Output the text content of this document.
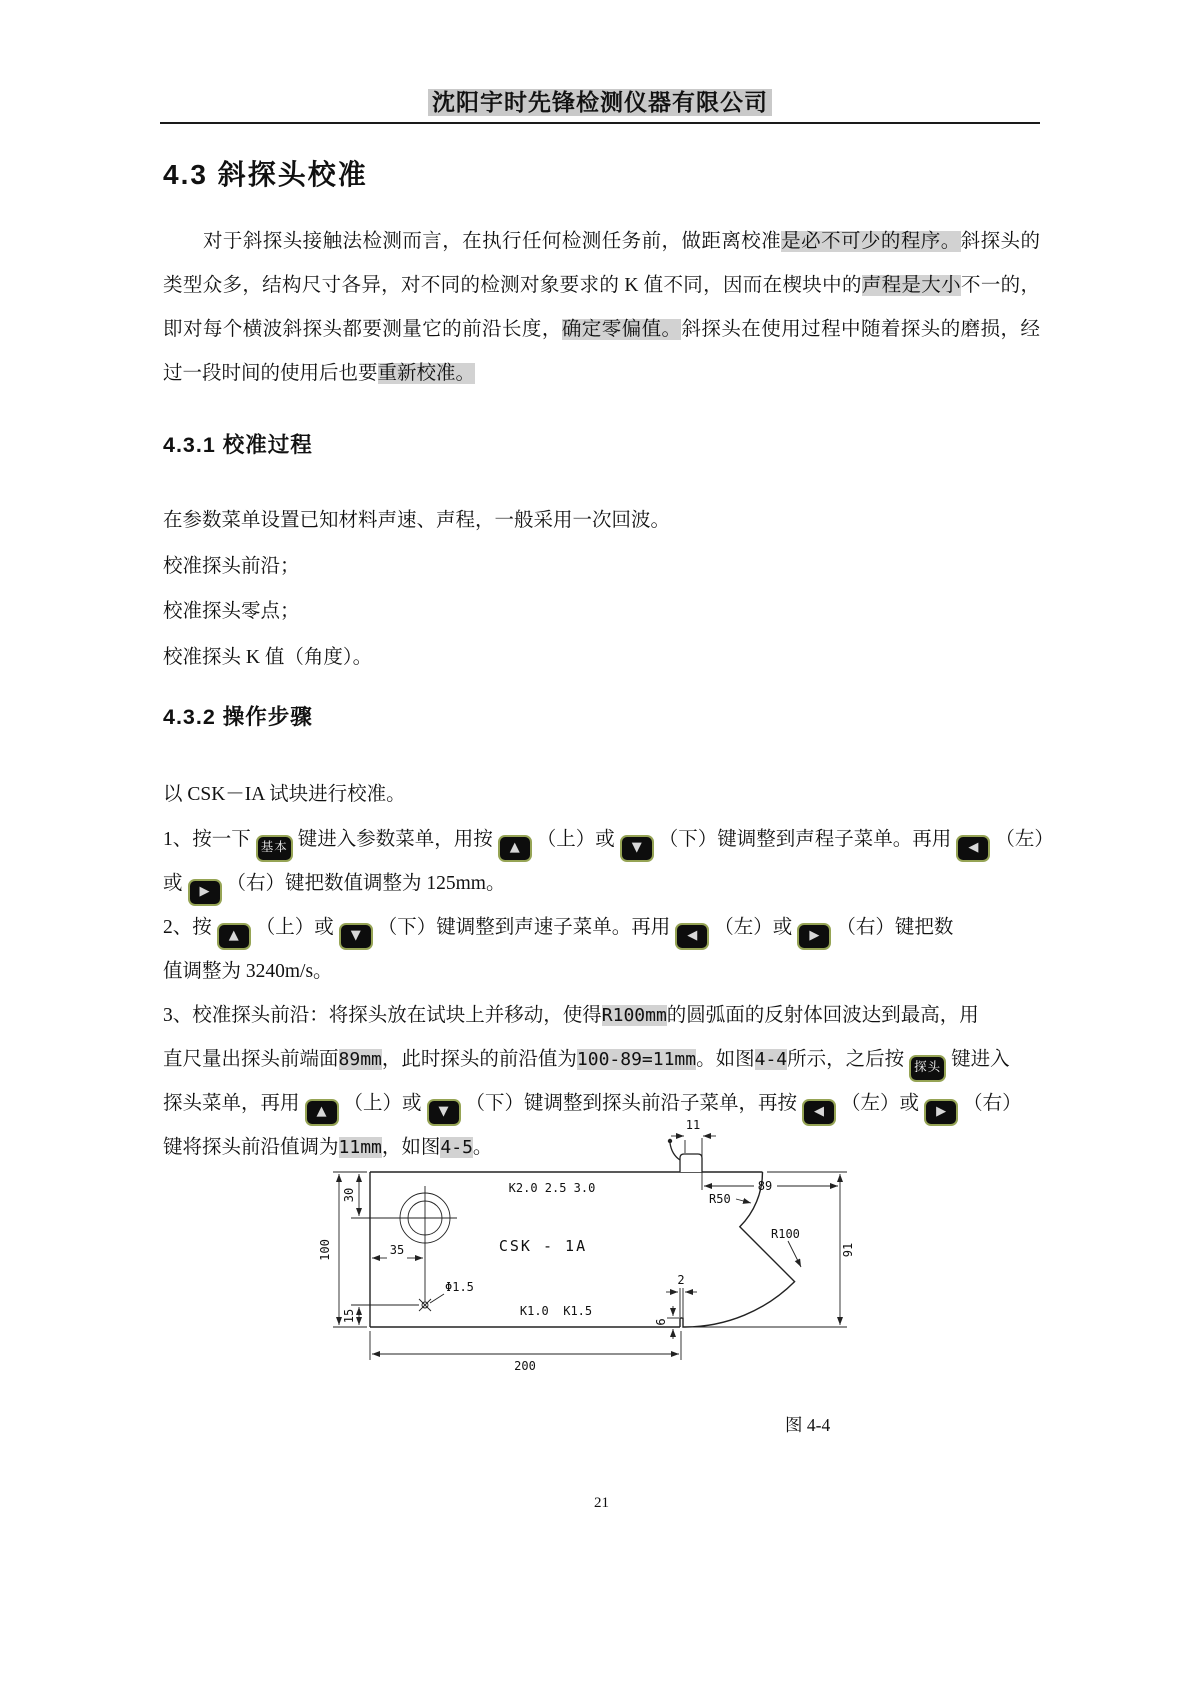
沈阳宇时先锋检测仪器有限公司
4.3 斜探头校准
对于斜探头接触法检测而言，在执行任何检测任务前，做距离校准是必不可少的程序。斜探头的类型众多，结构尺寸各异，对不同的检测对象要求的 K 值不同，因而在楔块中的声程是大小不一的，即对每个横波斜探头都要测量它的前沿长度，确定零偏值。斜探头在使用过程中随着探头的磨损，经过一段时间的使用后也要重新校准。
4.3.1 校准过程
在参数菜单设置已知材料声速、声程，一般采用一次回波。
校准探头前沿；
校准探头零点；
校准探头 K 值（角度）。
4.3.2 操作步骤
以 CSK－IA 试块进行校准。
1、按一下 基本 键进入参数菜单，用按 ▲ （上）或 ▼ （下）键调整到声程子菜单。再用 ◀ （左）
或 ▶ （右）键把数值调整为 125mm。
2、按 ▲ （上）或 ▼ （下）键调整到声速子菜单。再用 ◀ （左）或 ▶ （右）键把数
值调整为 3240m/s。
3、校准探头前沿：将探头放在试块上并移动，使得R100mm的圆弧面的反射体回波达到最高，用
直尺量出探头前端面89mm，此时探头的前沿值为100-89=11mm。如图4-4所示，之后按 探头 键进入
探头菜单，再用 ▲ （上）或 ▼ （下）键调整到探头前沿子菜单，再按 ◀ （左）或 ▶ （右）
键将探头前沿值调为11mm，如图4-5。
K2.0 2.5 3.0
CSK - 1A
K1.0  K1.5
Φ1.5
100
30
15
35
200
11
89
91
2
6
R50
R100
图 4-4
21
